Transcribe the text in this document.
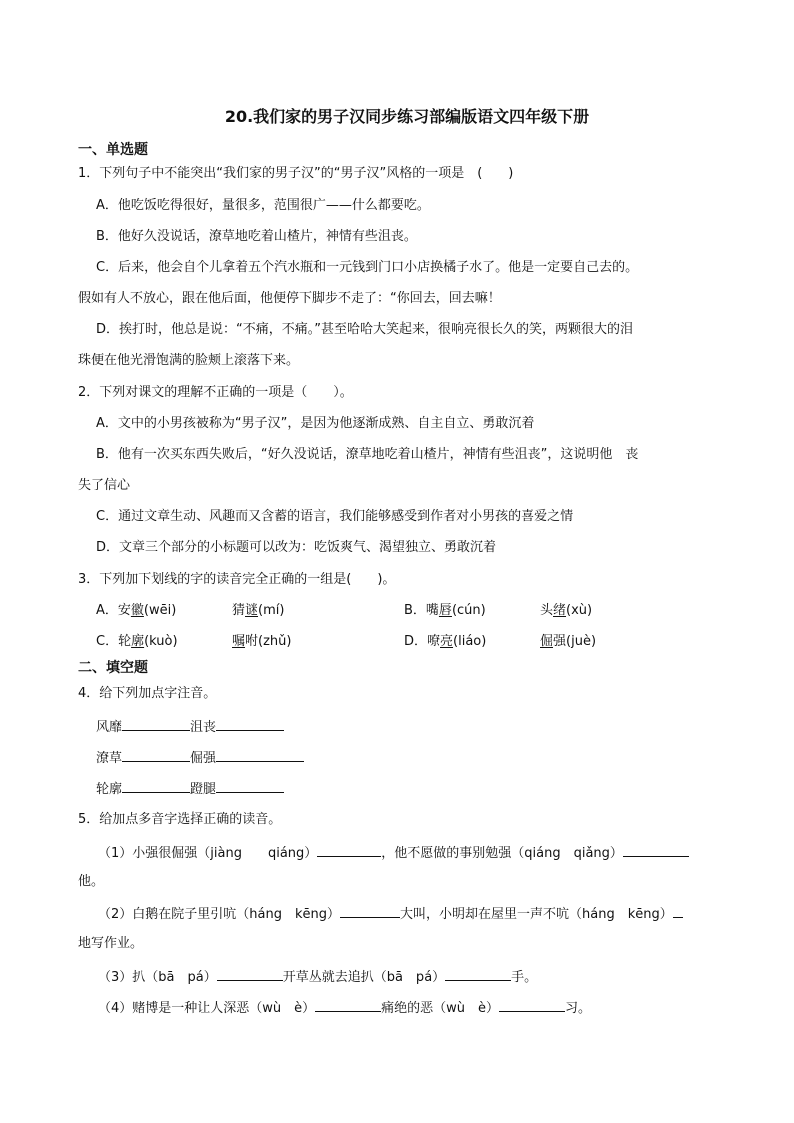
20.我们家的男子汉同步练习部编版语文四年级下册
一、单选题
1．下列句子中不能突出“我们家的男子汉”的“男子汉”风格的一项是　(　　)
A．他吃饭吃得很好，量很多，范围很广——什么都要吃。
B．他好久没说话，潦草地吃着山楂片，神情有些沮丧。
C．后来，他会自个儿拿着五个汽水瓶和一元钱到门口小店换橘子水了。他是一定要自己去的。
假如有人不放心，跟在他后面，他便停下脚步不走了：“你回去，回去嘛！
D．挨打时，他总是说：“不痛，不痛。”甚至哈哈大笑起来，很响亮很长久的笑，两颗很大的泪
珠便在他光滑饱满的脸颊上滚落下来。
2．下列对课文的理解不正确的一项是（　　）。
A．文中的小男孩被称为“男子汉”，是因为他逐渐成熟、自主自立、勇敢沉着
B．他有一次买东西失败后，“好久没说话，潦草地吃着山楂片，神情有些沮丧”，这说明他　丧
失了信心
C．通过文章生动、风趣而又含蓄的语言，我们能够感受到作者对小男孩的喜爱之情
D．文章三个部分的小标题可以改为：吃饭爽气、渴望独立、勇敢沉着
3．下列加下划线的字的读音完全正确的一组是(　　)。
A．安徽(wēi)	猜谜(mí)	B．嘴唇(cún)	头绪(xù)
C．轮廓(kuò)	嘱咐(zhǔ)	D．嘹亮(liáo)	倔强(juè)
二、填空题
4．给下列加点字注音。
风靡	沮丧
潦草	倔强
轮廓	蹬腿
5．给加点多音字选择正确的读音。
（1）小强很倔强（jiàng　　qiáng）	，他不愿做的事别勉强（qiáng　qiǎng）
他。
（2）白鹅在院子里引吭（háng　kēng）	大叫，小明却在屋里一声不吭（háng　kēng）
地写作业。
（3）扒（bā　pá）	开草丛就去追扒（bā　pá）	手。
（4）赌博是一种让人深恶（wù　è）	痛绝的恶（wù　è）	习。
